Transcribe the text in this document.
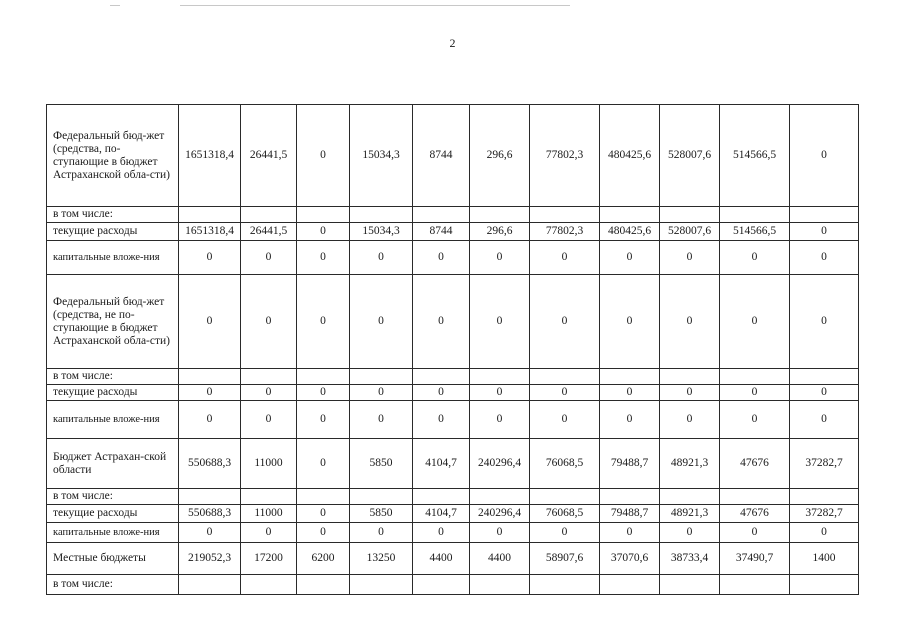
2
Федеральный бюд-жет (средства, по-ступающие в бюджет Астраханской обла-сти)	1651318,4	26441,5	0	15034,3	8744	296,6	77802,3	480425,6	528007,6	514566,5	0
в том числе:											
текущие расходы	1651318,4	26441,5	0	15034,3	8744	296,6	77802,3	480425,6	528007,6	514566,5	0
капитальные вложе-ния	0	0	0	0	0	0	0	0	0	0	0
Федеральный бюд-жет (средства, не по-ступающие в бюджет Астраханской обла-сти)	0	0	0	0	0	0	0	0	0	0	0
в том числе:											
текущие расходы	0	0	0	0	0	0	0	0	0	0	0
капитальные вложе-ния	0	0	0	0	0	0	0	0	0	0	0
Бюджет Астрахан-ской области	550688,3	11000	0	5850	4104,7	240296,4	76068,5	79488,7	48921,3	47676	37282,7
в том числе:											
текущие расходы	550688,3	11000	0	5850	4104,7	240296,4	76068,5	79488,7	48921,3	47676	37282,7
капитальные вложе-ния	0	0	0	0	0	0	0	0	0	0	0
Местные бюджеты	219052,3	17200	6200	13250	4400	4400	58907,6	37070,6	38733,4	37490,7	1400
в том числе:											
